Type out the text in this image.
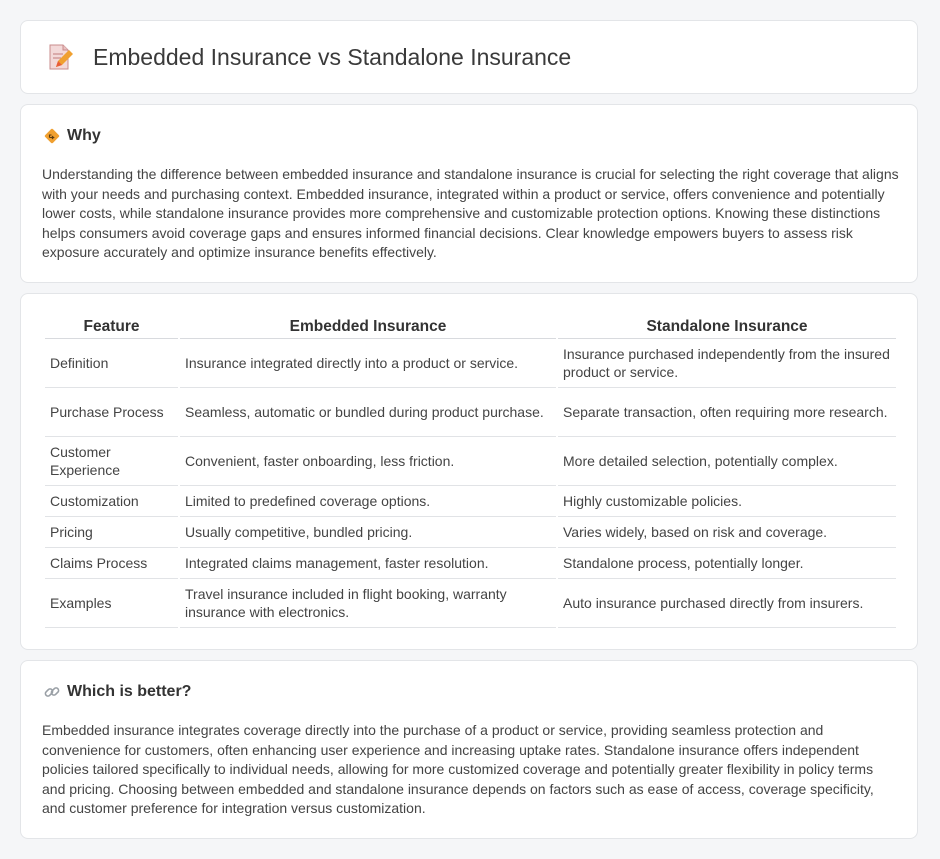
Embedded Insurance vs Standalone Insurance
Why

Understanding the difference between embedded insurance and standalone insurance is crucial for selecting the right coverage that aligns with your needs and purchasing context. Embedded insurance, integrated within a product or service, offers convenience and potentially lower costs, while standalone insurance provides more comprehensive and customizable protection options. Knowing these distinctions helps consumers avoid coverage gaps and ensures informed financial decisions. Clear knowledge empowers buyers to assess risk exposure accurately and optimize insurance benefits effectively.

Feature	Embedded Insurance	Standalone Insurance
Definition	Insurance integrated directly into a product or service.	Insurance purchased independently from the insured product or service.
Purchase Process	Seamless, automatic or bundled during product purchase.	Separate transaction, often requiring more research.
Customer Experience	Convenient, faster onboarding, less friction.	More detailed selection, potentially complex.
Customization	Limited to predefined coverage options.	Highly customizable policies.
Pricing	Usually competitive, bundled pricing.	Varies widely, based on risk and coverage.
Claims Process	Integrated claims management, faster resolution.	Standalone process, potentially longer.
Examples	Travel insurance included in flight booking, warranty insurance with electronics.	Auto insurance purchased directly from insurers.
Which is better?

Embedded insurance integrates coverage directly into the purchase of a product or service, providing seamless protection and convenience for customers, often enhancing user experience and increasing uptake rates. Standalone insurance offers independent policies tailored specifically to individual needs, allowing for more customized coverage and potentially greater flexibility in policy terms and pricing. Choosing between embedded and standalone insurance depends on factors such as ease of access, coverage specificity, and customer preference for integration versus customization.
